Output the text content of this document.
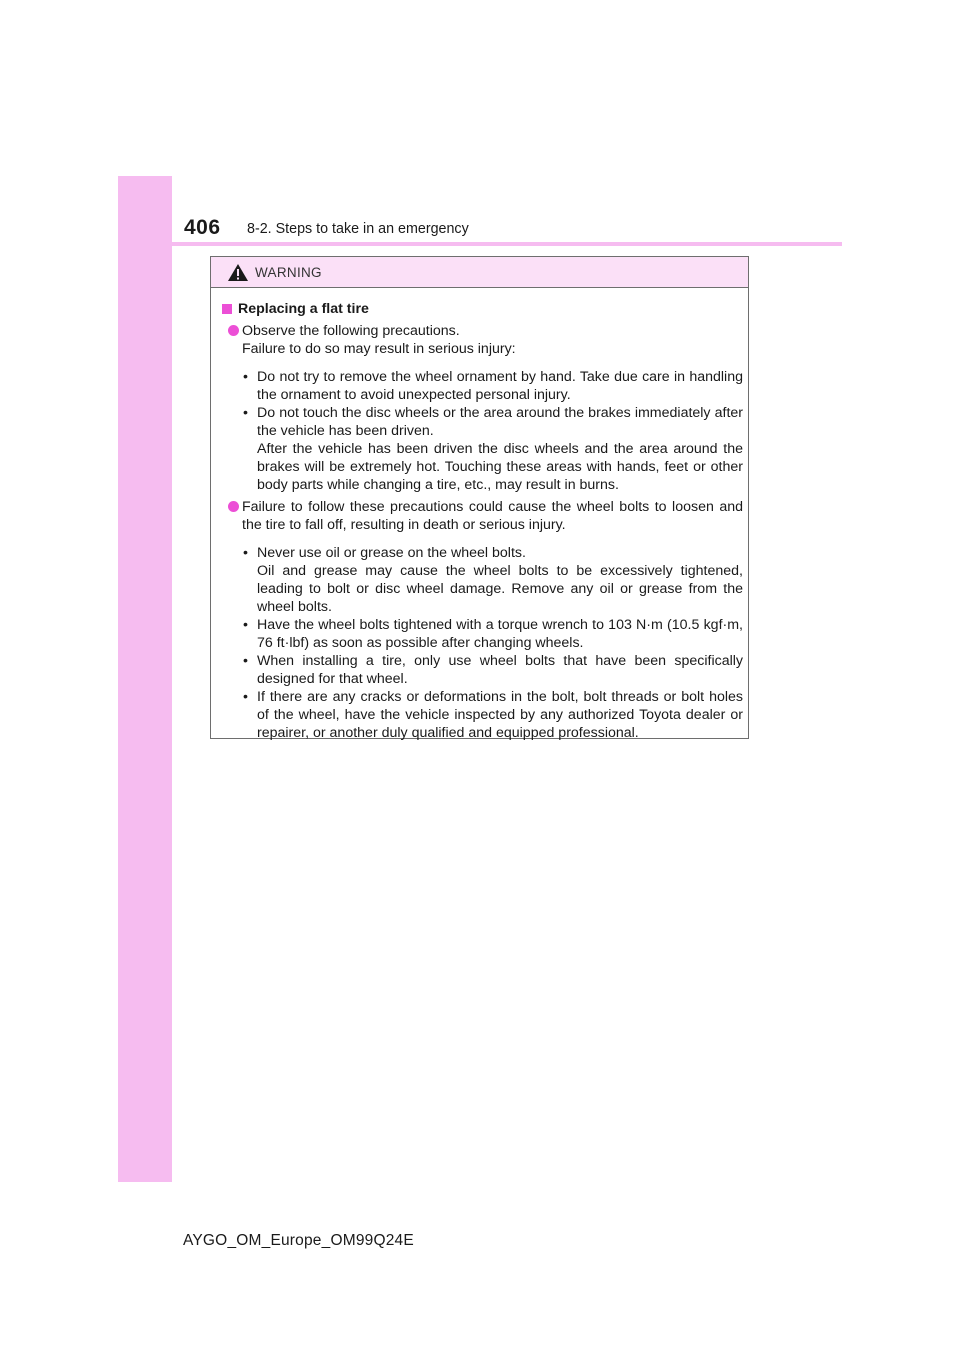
406 8-2. Steps to take in an emergency
WARNING
Replacing a flat tire
Observe the following precautions.
Failure to do so may result in serious injury:
• Do not try to remove the wheel ornament by hand. Take due care in handling the ornament to avoid unexpected personal injury.
• Do not touch the disc wheels or the area around the brakes immediately after the vehicle has been driven.
After the vehicle has been driven the disc wheels and the area around the brakes will be extremely hot. Touching these areas with hands, feet or other body parts while changing a tire, etc., may result in burns.
Failure to follow these precautions could cause the wheel bolts to loosen and the tire to fall off, resulting in death or serious injury.
• Never use oil or grease on the wheel bolts.
Oil and grease may cause the wheel bolts to be excessively tightened, leading to bolt or disc wheel damage. Remove any oil or grease from the wheel bolts.
• Have the wheel bolts tightened with a torque wrench to 103 N·m (10.5 kgf·m, 76 ft·lbf) as soon as possible after changing wheels.
• When installing a tire, only use wheel bolts that have been specifically designed for that wheel.
• If there are any cracks or deformations in the bolt, bolt threads or bolt holes of the wheel, have the vehicle inspected by any authorized Toyota dealer or repairer, or another duly qualified and equipped professional.
AYGO_OM_Europe_OM99Q24E
